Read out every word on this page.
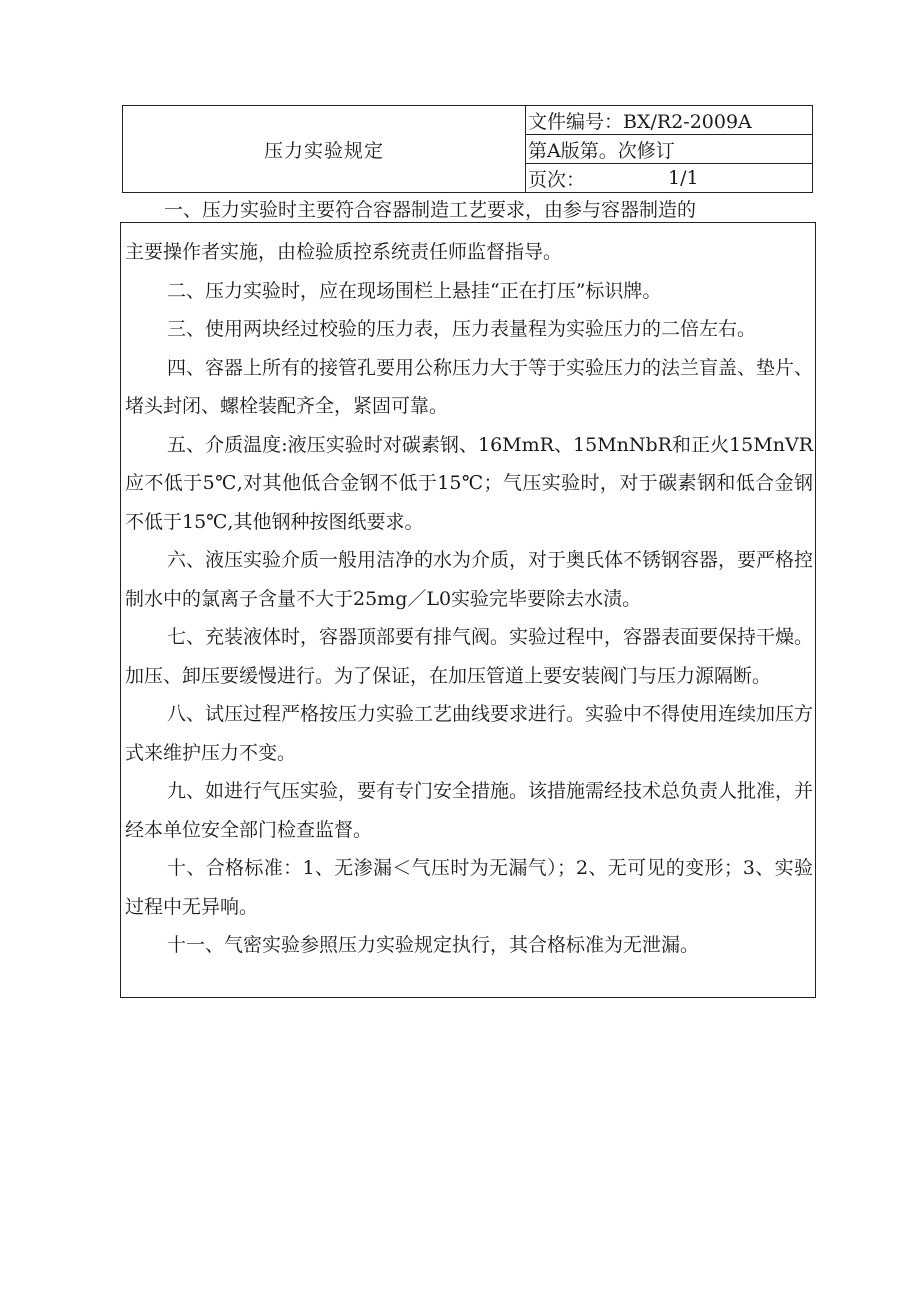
压力实验规定
文件编号：BX/R2-2009A
第A版第。次修订
页次：	1/1
一、压力实验时主要符合容器制造工艺要求，由参与容器制造的

主要操作者实施，由检验质控系统责任师监督指导。

二、压力实验时，应在现场围栏上悬挂“正在打压”标识牌。

三、使用两块经过校验的压力表，压力表量程为实验压力的二倍左右。

四、容器上所有的接管孔要用公称压力大于等于实验压力的法兰盲盖、垫片、堵头封闭、螺栓装配齐全，紧固可靠。

五、介质温度:液压实验时对碳素钢、16MmR、15MnNbR和正火15MnVR应不低于5℃,对其他低合金钢不低于15℃；气压实验时，对于碳素钢和低合金钢不低于15℃,其他钢种按图纸要求。

六、液压实验介质一般用洁净的水为介质，对于奥氏体不锈钢容器，要严格控制水中的氯离子含量不大于25mg／L0实验完毕要除去水渍。

七、充装液体时，容器顶部要有排气阀。实验过程中，容器表面要保持干燥。加压、卸压要缓慢进行。为了保证，在加压管道上要安装阀门与压力源隔断。

八、试压过程严格按压力实验工艺曲线要求进行。实验中不得使用连续加压方式来维护压力不变。

九、如进行气压实验，要有专门安全措施。该措施需经技术总负责人批准，并经本单位安全部门检查监督。

十、合格标准：1、无渗漏＜气压时为无漏气）；2、无可见的变形；3、实验过程中无异响。

十一、气密实验参照压力实验规定执行，其合格标准为无泄漏。
